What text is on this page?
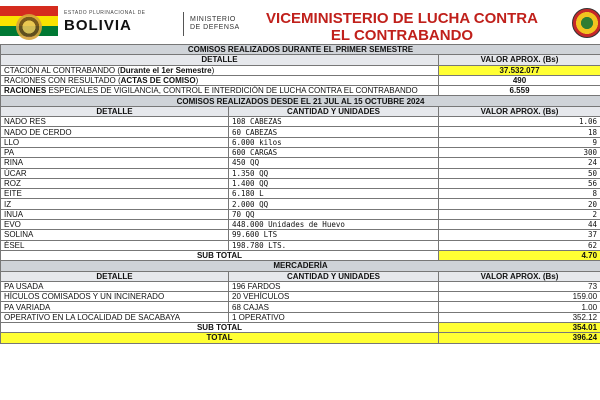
ESTADO PLURINACIONAL DE
BOLIVIA	MINISTERIO
DE DEFENSA
VICEMINISTERIO DE LUCHA CONTRA
EL CONTRABANDO
COMISOS REALIZADOS DURANTE EL PRIMER SEMESTRE		
DETALLE		VALOR APROX. (Bs)
CTACIÓN AL CONTRABANDO (Durante el 1er Semestre)		37.532.077
RACIONES CON RESULTADO (ACTAS DE COMISO)		490
RACIONES ESPECIALES DE VIGILANCIA, CONTROL E INTERDICIÓN DE LUCHA CONTRA EL CONTRABANDO		6.559
COMISOS REALIZADOS DESDE EL 21 JUL AL 15 OCTUBRE 2024		
DETALLE	CANTIDAD Y UNIDADES	VALOR APROX. (Bs)
NADO RES	108 CABEZAS	1.06
NADO DE CERDO	60 CABEZAS	18
LLO	6.000 kilos	9
PA	600 CARGAS	300
RINA	450 QQ	24
ÚCAR	1.350 QQ	50
ROZ	1.400 QQ	56
EITE	6.180 L	8
IZ	2.000 QQ	20
INUA	70 QQ	2
EVO	448.000 Unidades de Huevo	44
SOLINA	99.600 LTS	37
ÉSEL	198.780 LTS.	62
SUB TOTAL		4.70
MERCADERÍA		
DETALLE	CANTIDAD Y UNIDADES	VALOR APROX. (Bs)
PA USADA	196 FARDOS	73
HÍCULOS COMISADOS Y UN INCINERADO	20 VEHÍCULOS	159.00
PA VARIADA	68 CAJAS	1.00
OPERATIVO EN LA LOCALIDAD DE SACABAYA	1 OPERATIVO	352.12
SUB TOTAL		354.01
TOTAL		396.24
